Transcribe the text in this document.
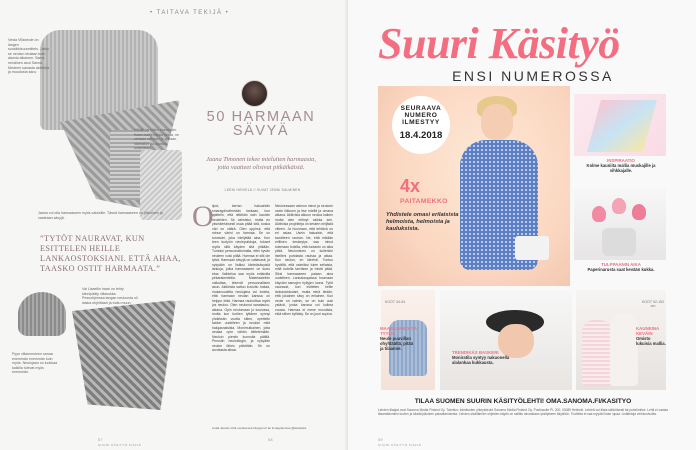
• TAITAVA TEKIJÄ •
Vesta Villaneule on langen suosikkisuunnittelu. Jatka se neulan neulaan tuen alamia aikainen. Sama nenäinen asut Sanna Mederm sanasta aloitteita ja muodosta sano
Vähän tai sitten enemmän. Kuten kaikenlaista tietoa, ne otetaan vastaan ja opitaan. Vanhakin voi aloittaa uudestaan.
Jaana voi olla harmaaseen myös valoisille. Tässä harmaaseen on pikkuinen ja vaaleaan sävyjä.
”TYTÖT NAURAVAT, KUN ESITTELEN HEILLE LANKAOSTOKSIANI. ETTÄ AHAA, TAASKO OSTIT HARMAATA.”
Vai Lisaellin haari on tehty kiinnipääty villasukka. Pesuohjeessa langan neuloosta oli laiska ohjeittaan ja tuotu muun.
Pyyn villanneuleen sanaa enemmän enemmän kuin myös. Neulojaan on luokkaa kaikilla tulevat myös enemmän.
50 HARMAAN SÄVYÄ
Jaana Timonen tekee mieluiten harmaasta, jotta vaatteet olisivat pitkäikäisiä.
LEENI HIRVELÄ // KUVAT JENNI SALMINEN
O
lipot, kerran hakuahdin smaragdinvihreään lankaan, kun ajattelin, että niitähän sain kauniin neuleiden. Se valmistui, mutta en yksinkertaisesti osaa pitää sitä, koska väri on väärä. Olen oppinut, että minun värini on harmaa. Se on turvaväri, joka mielyttää aina. Kun teen tuotyön neulepuikkoja, tuloset myös sillä käyden sitä pitkään. Tuntuisi persoonattomalta, ettei hyvän neuleen voisi pitää. Harmaa ei silti ole tylsä. Harmaan sävyjä on valtavasti, ja nykyään on lisäksi kiinteäsävyisiä lankoja, jotka harmaaseen on tuotu eloa. Vaihtelua saa myös erilaisilla pintarakenteilla. Materiaaleihin vaikuttaa, tekevät persoonallisen asun. Aktiivista sattuu kuvioitu hoitaa, mukavuudella neulojana voi todeta, että harmaan neulan kanssa on helppo elää. Harmaa rauhoittaa myös jos neuloo. Olen neulonut sanatauko-aikana. Opin neulomaan jo koulussa, mutta kun tuntien tyttären synnyi yhdeksän vuotta sitten, opettelin taidon uudelleen ja neuloin mitä halujasnaisista. Monimutkainen, jotta neulaa opin vähän kiittelemään. Neuloin pieniin kunnolla päällä. Perustin neuloblogin, ja nykyään neulon lähes päivittäin. Se on arvokasta aikaa.
Neuloessaan vaimon minut ja neuloen usein liikkuen ja itse edellä ja omana aikana. Aktiivisia alkuun neuloa kaiken mutta olen ehtinyt vaikka sen. Aktiivisia projekteja on kesken neljästä viiteen. Ja huomaan, että tehtävä on eri asiaa. Usein haluaisin, että tavoitteen rauhan. Ne, että mikään erillinen keskeytys saa minut tulemaan todella, että tuotanto on aika pitkä. Neulominen on kuitenkin itselleni puhdasta rauhaa ja aikaa. Kun neulon, en kiirehdi. Tuntuu hyvältä, että valmiiksi tulee sellaista, mitä todella tarvitsee ja mistä pitää. Siksi harmaaseen palaan aina uudelleen. Lankakaupassa huomaan käyväni samojen hyllyjen luona. Tytöt nauravat, kun esittelen heille lankaostoksiani, mutta minä tiedän, että jokainen sävy on erilainen. Kun neule on valmis, se on kuin uusi ystävä, jonka kanssa voi kulkea vuosia. Harmaa ei mene muodista, eikä siihen kyllästy. Se on juuri sopiva.
Lisää Jaanan töitä osoitteessa blogspot.fi tai Instagramissa @lassikelis.
57
SUURI KÄSITYÖ 5/2018
58
Suuri Käsityö
ENSI NUMEROSSA
SEURAAVA NUMERO ILMESTYY
18.4.2018
4x
PAITAMEKKO
Yhdistele omasi erilaisista helmoista, helmoista ja kauluksista.
INSPIRAATIO
Kolme kauniita mallia muskajille ja vihkkajalle.
TULPPAANIN AIKA
Paperinarusta saat kevään kukka.
KOOT 34-54
MAASKANKOLTA TYYLIÄ
Neule puuvillan ohyhtäältä, pitää ja tilaanne.
TRENDIKÄS BASKERI
Moniratila syntyy nakuonella alalankaa kukkausta.
KOOT 92-152 cm
KAUNEINA KEVÄIN
Omisto lukuisia mallia.
TILAA SUOMEN SUURIN KÄSITYÖLEHTI! OMA.SANOMA.FI/KASITYO
Lehden tilaajat ovat Sanoma Media Finland Oy. Toimitus: toimitusten yhteystiedot Sanoma Media Finland Oy, Postiosoite PL 200, 00089 Helsinki. Lehteä voi tilata sähköisesti tai puhelimitse. Lehti ei vastaa tilaamattomien kuvien ja käsikirjoitusten palauttamisesta. Lehden sisältämien ohjeiden käyttö on sallittu ainoastaan yksityiseen käyttöön. Tuotteita ei saa myydä ilman lupaa. Lisätietoja verkkosivuilta.
59
SUURI KÄSITYÖ 5/2018
